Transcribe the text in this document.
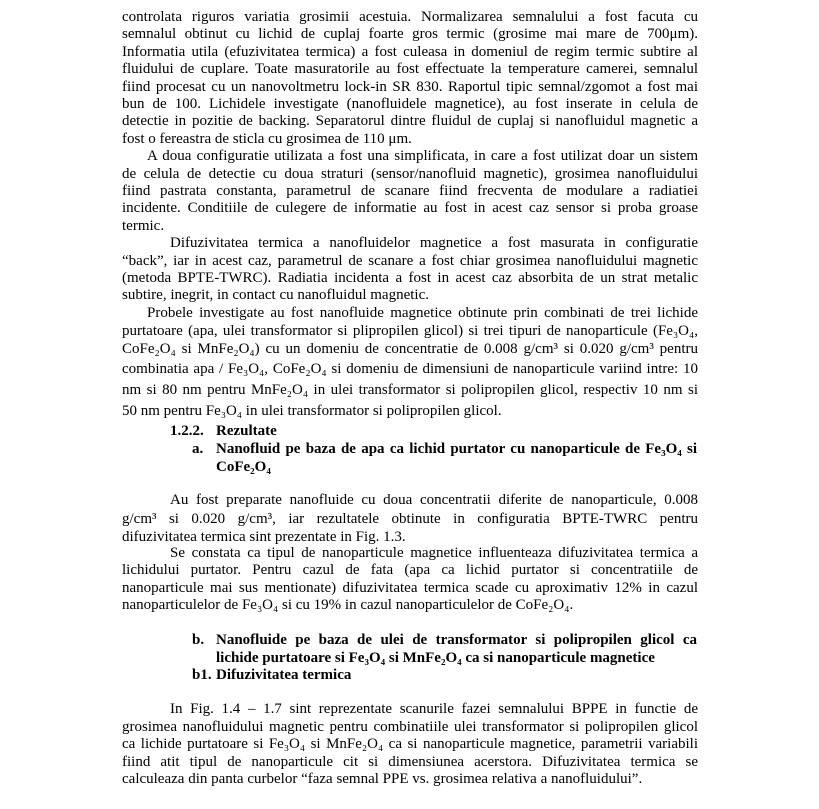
controlata riguros variatia grosimii acestuia. Normalizarea semnalului a fost facuta cu
semnalul obtinut cu lichid de cuplaj foarte gros termic (grosime mai mare de 700μm).
Informatia utila (efuzivitatea termica) a fost culeasa in domeniul de regim termic subtire al
fluidului de cuplare. Toate masuratorile au fost effectuate la temperature camerei, semnalul
fiind procesat cu un nanovoltmetru lock-in SR 830. Raportul tipic semnal/zgomot a fost mai
bun de 100. Lichidele investigate (nanofluidele magnetice), au fost inserate in celula de
detectie in pozitie de backing. Separatorul dintre fluidul de cuplaj si nanofluidul magnetic a
fost o fereastra de sticla cu grosimea de 110 μm.
A doua configuratie utilizata a fost una simplificata, in care a fost utilizat doar un sistem
de celula de detectie cu doua straturi (sensor/nanofluid magnetic), grosimea nanofluidului
fiind pastrata constanta, parametrul de scanare fiind frecventa de modulare a radiatiei
incidente. Conditiile de culegere de informatie au fost in acest caz sensor si proba groase
termic.
Difuzivitatea termica a nanofluidelor magnetice a fost masurata in configuratie
“back”, iar in acest caz, parametrul de scanare a fost chiar grosimea nanofluidului magnetic
(metoda BPTE-TWRC). Radiatia incidenta a fost in acest caz absorbita de un strat metalic
subtire, inegrit, in contact cu nanofluidul magnetic.
Probele investigate au fost nanofluide magnetice obtinute prin combinati de trei lichide
purtatoare (apa, ulei transformator si plipropilen glicol) si trei tipuri de nanoparticule (Fe₃O₄,
CoFe₂O₄ si MnFe₂O₄) cu un domeniu de concentratie de 0.008 g/cm³ si 0.020 g/cm³ pentru
combinatia apa / Fe₃O₄, CoFe₂O₄ si domeniu de dimensiuni de nanoparticule variind intre: 10
nm si 80 nm pentru MnFe₂O₄ in ulei transformator si polipropilen glicol, respectiv 10 nm si
50 nm pentru Fe₃O₄ in ulei transformator si polipropilen glicol.
1.2.2. Rezultate
a. Nanofluid pe baza de apa ca lichid purtator cu nanoparticule de Fe₃O₄ si
CoFe₂O₄
Au fost preparate nanofluide cu doua concentratii diferite de nanoparticule, 0.008
g/cm³ si 0.020 g/cm³, iar rezultatele obtinute in configuratia BPTE-TWRC pentru
difuzivitatea termica sint prezentate in Fig. 1.3.
Se constata ca tipul de nanoparticule magnetice influenteaza difuzivitatea termica a
lichidului purtator. Pentru cazul de fata (apa ca lichid purtator si concentratiile de
nanoparticule mai sus mentionate) difuzivitatea termica scade cu aproximativ 12% in cazul
nanoparticulelor de Fe₃O₄ si cu 19% in cazul nanoparticulelor de CoFe₂O₄.
b. Nanofluide pe baza de ulei de transformator si polipropilen glicol ca
lichide purtatoare si Fe₃O₄ si MnFe₂O₄ ca si nanoparticule magnetice
b1. Difuzivitatea termica
In Fig. 1.4 – 1.7 sint reprezentate scanurile fazei semnalului BPPE in functie de
grosimea nanofluidului magnetic pentru combinatiile ulei transformator si polipropilen glicol
ca lichide purtatoare si Fe₃O₄ si MnFe₂O₄ ca si nanoparticule magnetice, parametrii variabili
fiind atit tipul de nanoparticule cit si dimensiunea acerstora. Difuzivitatea termica se
calculeaza din panta curbelor “faza semnal PPE vs. grosimea relativa a nanofluidului”.
